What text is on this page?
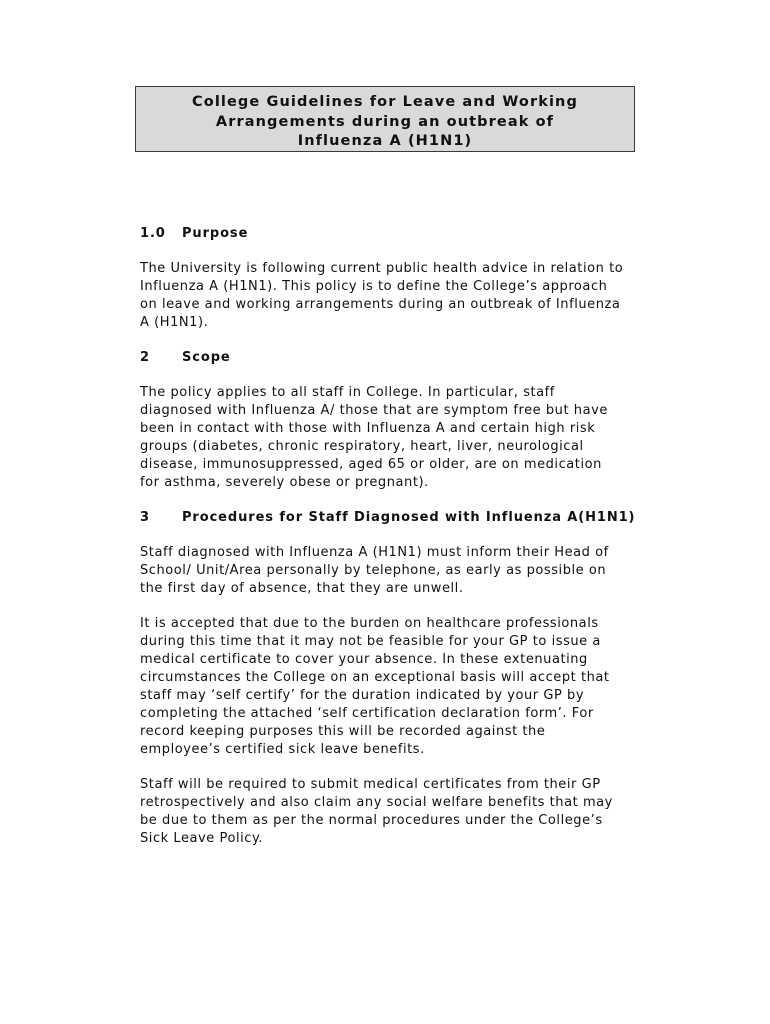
College Guidelines for Leave and Working
Arrangements during an outbreak of
Influenza A (H1N1)
1.0 Purpose

The University is following current public health advice in relation to
Influenza A (H1N1). This policy is to define the College’s approach
on leave and working arrangements during an outbreak of Influenza
A (H1N1).

2 Scope

The policy applies to all staff in College. In particular, staff
diagnosed with Influenza A/ those that are symptom free but have
been in contact with those with Influenza A and certain high risk
groups (diabetes, chronic respiratory, heart, liver, neurological
disease, immunosuppressed, aged 65 or older, are on medication
for asthma, severely obese or pregnant).

3 Procedures for Staff Diagnosed with Influenza A(H1N1)

Staff diagnosed with Influenza A (H1N1) must inform their Head of
School/ Unit/Area personally by telephone, as early as possible on
the first day of absence, that they are unwell.

It is accepted that due to the burden on healthcare professionals
during this time that it may not be feasible for your GP to issue a
medical certificate to cover your absence. In these extenuating
circumstances the College on an exceptional basis will accept that
staff may ‘self certify’ for the duration indicated by your GP by
completing the attached ‘self certification declaration form’. For
record keeping purposes this will be recorded against the
employee’s certified sick leave benefits.

Staff will be required to submit medical certificates from their GP
retrospectively and also claim any social welfare benefits that may
be due to them as per the normal procedures under the College’s
Sick Leave Policy.
